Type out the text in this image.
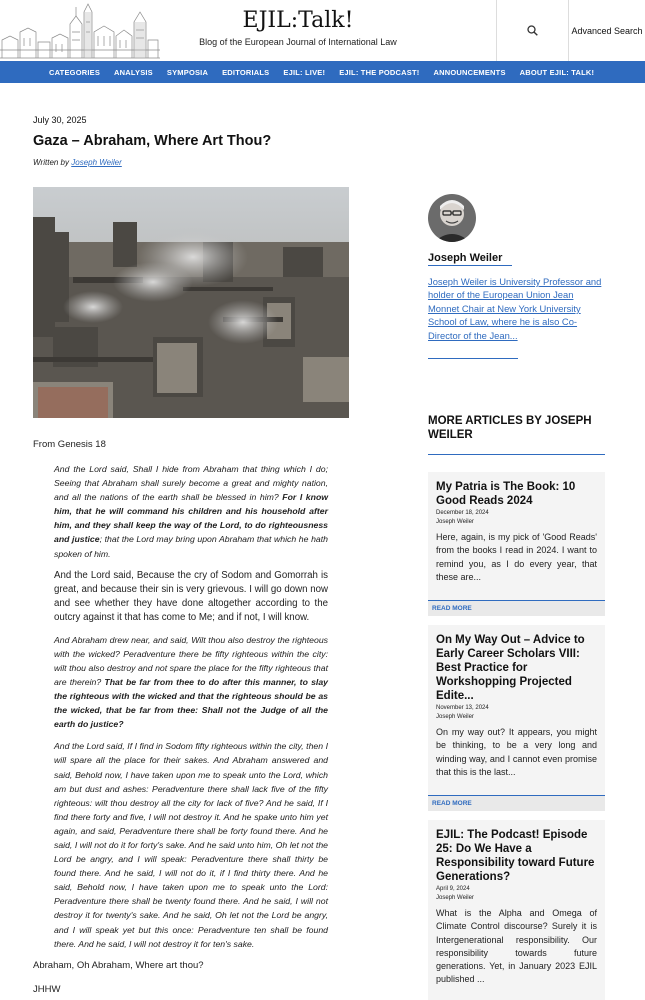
EJIL:Talk!
Blog of the European Journal of International Law
Advanced Search
CATEGORIES ANALYSIS SYMPOSIA EDITORIALS EJIL: LIVE! EJIL: THE PODCAST! ANNOUNCEMENTS ABOUT EJIL: TALK!
July 30, 2025
Gaza – Abraham, Where Art Thou?
Written by Joseph Weiler

From Genesis 18

And the Lord said, Shall I hide from Abraham that thing which I do; Seeing that Abraham shall surely become a great and mighty nation, and all the nations of the earth shall be blessed in him? For I know him, that he will command his children and his household after him, and they shall keep the way of the Lord, to do righteousness and justice; that the Lord may bring upon Abraham that which he hath spoken of him.

And the Lord said, Because the cry of Sodom and Gomorrah is great, and because their sin is very grievous. I will go down now and see whether they have done altogether according to the outcry against it that has come to Me; and if not, I will know.

And Abraham drew near, and said, Wilt thou also destroy the righteous with the wicked? Peradventure there be fifty righteous within the city: wilt thou also destroy and not spare the place for the fifty righteous that are therein? That be far from thee to do after this manner, to slay the righteous with the wicked and that the righteous should be as the wicked, that be far from thee: Shall not the Judge of all the earth do justice?

And the Lord said, If I find in Sodom fifty righteous within the city, then I will spare all the place for their sakes. And Abraham answered and said, Behold now, I have taken upon me to speak unto the Lord, which am but dust and ashes: Peradventure there shall lack five of the fifty righteous: wilt thou destroy all the city for lack of five? And he said, If I find there forty and five, I will not destroy it. And he spake unto him yet again, and said, Peradventure there shall be forty found there. And he said, I will not do it for forty's sake. And he said unto him, Oh let not the Lord be angry, and I will speak: Peradventure there shall thirty be found there. And he said, I will not do it, if I find thirty there. And he said, Behold now, I have taken upon me to speak unto the Lord: Peradventure there shall be twenty found there. And he said, I will not destroy it for twenty's sake. And he said, Oh let not the Lord be angry, and I will speak yet but this once: Peradventure ten shall be found there. And he said, I will not destroy it for ten's sake.

Abraham, Oh Abraham, Where art thou?

JHHW

Joseph Weiler
Joseph Weiler is University Professor and holder of the European Union Jean Monnet Chair at New York University School of Law, where he is also Co-Director of the Jean...
MORE ARTICLES BY JOSEPH WEILER
My Patria is The Book: 10 Good Reads 2024
December 18, 2024
Joseph Weiler
Here, again, is my pick of 'Good Reads' from the books I read in 2024. I want to remind you, as I do every year, that these are...
READ MORE
On My Way Out – Advice to Early Career Scholars VIII: Best Practice for Workshopping Projected Edite...
November 13, 2024
Joseph Weiler
On my way out? It appears, you might be thinking, to be a very long and winding way, and I cannot even promise that this is the last...
READ MORE
EJIL: The Podcast! Episode 25: Do We Have a Responsibility toward Future Generations?
April 9, 2024
Joseph Weiler
What is the Alpha and Omega of Climate Control discourse? Surely it is Intergenerational responsibility. Our responsibility towards future generations. Yet, in January 2023 EJIL published ...
